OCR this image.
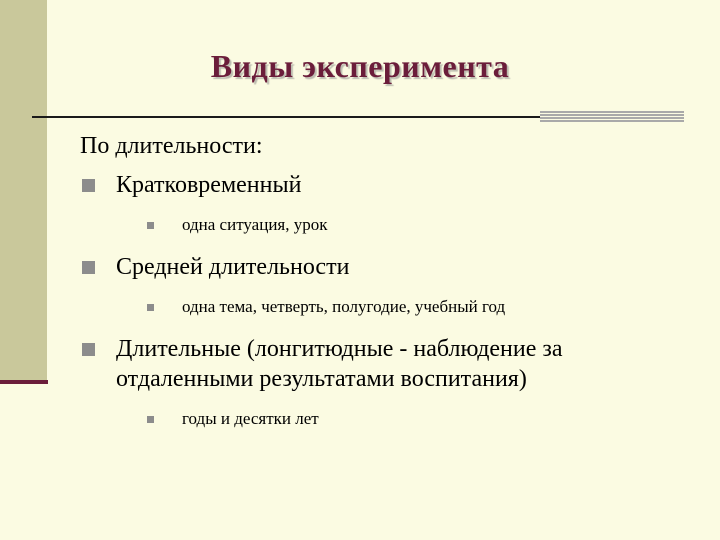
Виды эксперимента
По длительности:
Кратковременный
одна ситуация, урок
Средней длительности
одна тема, четверть, полугодие, учебный год
Длительные (лонгитюдные - наблюдение за отдаленными результатами воспитания)
годы и десятки лет
